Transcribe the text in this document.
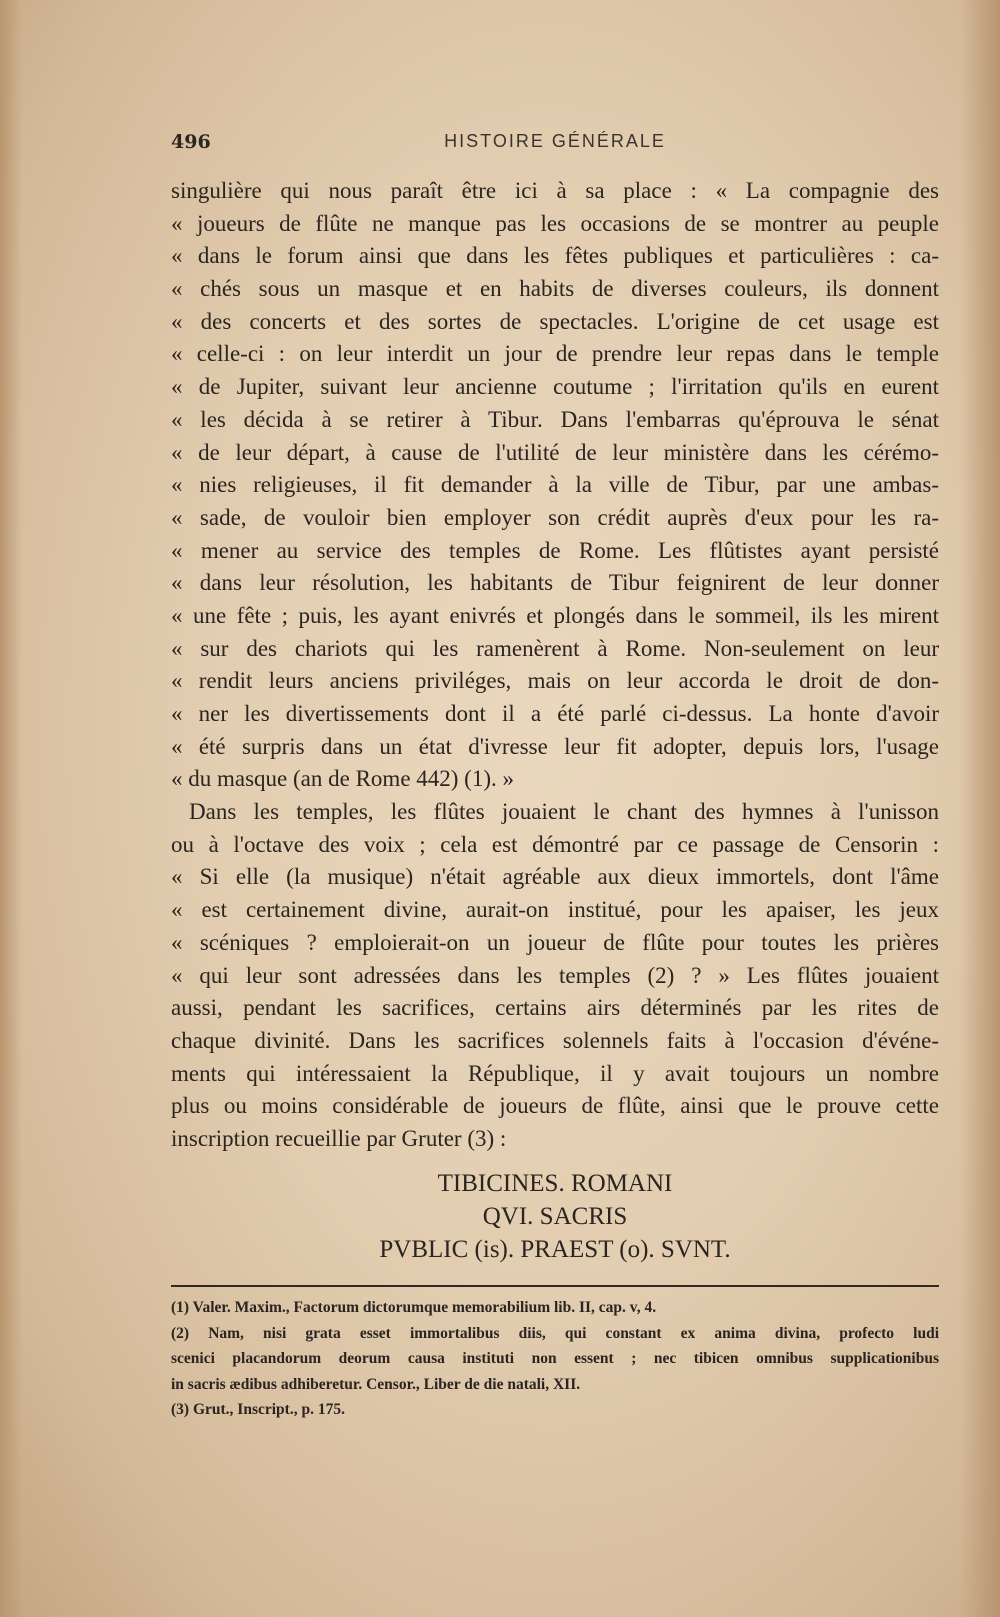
496	HISTOIRE GÉNÉRALE
singulière qui nous paraît être ici à sa place : « La compagnie des
« joueurs de flûte ne manque pas les occasions de se montrer au peuple
« dans le forum ainsi que dans les fêtes publiques et particulières : ca-
« chés sous un masque et en habits de diverses couleurs, ils donnent
« des concerts et des sortes de spectacles. L'origine de cet usage est
« celle-ci : on leur interdit un jour de prendre leur repas dans le temple
« de Jupiter, suivant leur ancienne coutume ; l'irritation qu'ils en eurent
« les décida à se retirer à Tibur. Dans l'embarras qu'éprouva le sénat
« de leur départ, à cause de l'utilité de leur ministère dans les cérémo-
« nies religieuses, il fit demander à la ville de Tibur, par une ambas-
« sade, de vouloir bien employer son crédit auprès d'eux pour les ra-
« mener au service des temples de Rome. Les flûtistes ayant persisté
« dans leur résolution, les habitants de Tibur feignirent de leur donner
« une fête ; puis, les ayant enivrés et plongés dans le sommeil, ils les mirent
« sur des chariots qui les ramenèrent à Rome. Non-seulement on leur
« rendit leurs anciens priviléges, mais on leur accorda le droit de don-
« ner les divertissements dont il a été parlé ci-dessus. La honte d'avoir
« été surpris dans un état d'ivresse leur fit adopter, depuis lors, l'usage
« du masque (an de Rome 442) (1). »
Dans les temples, les flûtes jouaient le chant des hymnes à l'unisson
ou à l'octave des voix ; cela est démontré par ce passage de Censorin :
« Si elle (la musique) n'était agréable aux dieux immortels, dont l'âme
« est certainement divine, aurait-on institué, pour les apaiser, les jeux
« scéniques ? emploierait-on un joueur de flûte pour toutes les prières
« qui leur sont adressées dans les temples (2) ? » Les flûtes jouaient
aussi, pendant les sacrifices, certains airs déterminés par les rites de
chaque divinité. Dans les sacrifices solennels faits à l'occasion d'événe-
ments qui intéressaient la République, il y avait toujours un nombre
plus ou moins considérable de joueurs de flûte, ainsi que le prouve cette
inscription recueillie par Gruter (3) :
TIBICINES. ROMANI
QVI. SACRIS
PVBLIC (is). PRAEST (o). SVNT.
(1) Valer. Maxim., Factorum dictorumque memorabilium lib. II, cap. v, 4.
(2) Nam, nisi grata esset immortalibus diis, qui constant ex anima divina, profecto ludi
scenici placandorum deorum causa instituti non essent ; nec tibicen omnibus supplicationibus
in sacris ædibus adhiberetur. Censor., Liber de die natali, XII.
(3) Grut., Inscript., p. 175.
